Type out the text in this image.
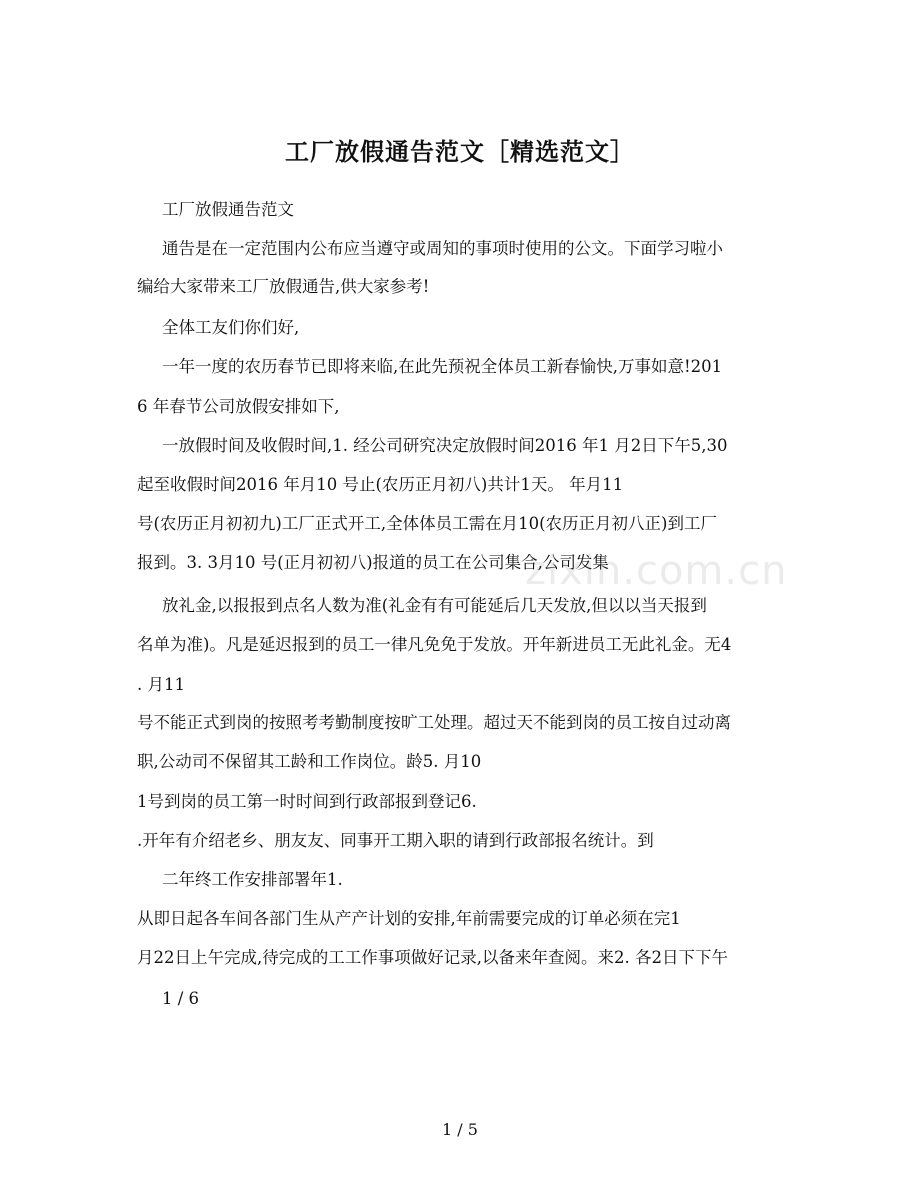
工厂放假通告范文［精选范文］
工厂放假通告范文
通告是在一定范围内公布应当遵守或周知的事项时使用的公文。下面学习啦小
编给大家带来工厂放假通告,供大家参考!
全体工友们你们好,
一年一度的农历春节已即将来临,在此先预祝全体员工新春愉快,万事如意!201
6 年春节公司放假安排如下,
一放假时间及收假时间,1. 经公司研究决定放假时间2016 年1 月2日下午5,30
起至收假时间2016 年月10 号止(农历正月初八)共计1天。 年月11
号(农历正月初初九)工厂正式开工,全体体员工需在月10(农历正月初八正)到工厂
报到。3. 3月10 号(正月初初八)报道的员工在公司集合,公司发集
放礼金,以报报到点名人数为准(礼金有有可能延后几天发放,但以以当天报到
名单为准)。凡是延迟报到的员工一律凡免免于发放。开年新进员工无此礼金。无4
. 月11
号不能正式到岗的按照考考勤制度按旷工处理。超过天不能到岗的员工按自过动离
职,公动司不保留其工龄和工作岗位。龄5. 月10
1号到岗的员工第一时时间到行政部报到登记6.
.开年有介绍老乡、朋友友、同事开工期入职的请到行政部报名统计。到
二年终工作安排部署年1.
从即日起各车间各部门生从产产计划的安排,年前需要完成的订单必须在完1
月22日上午完成,待完成的工工作事项做好记录,以备来年查阅。来2. 各2日下下午
1 / 6
zixin.com.cn
1 / 5
